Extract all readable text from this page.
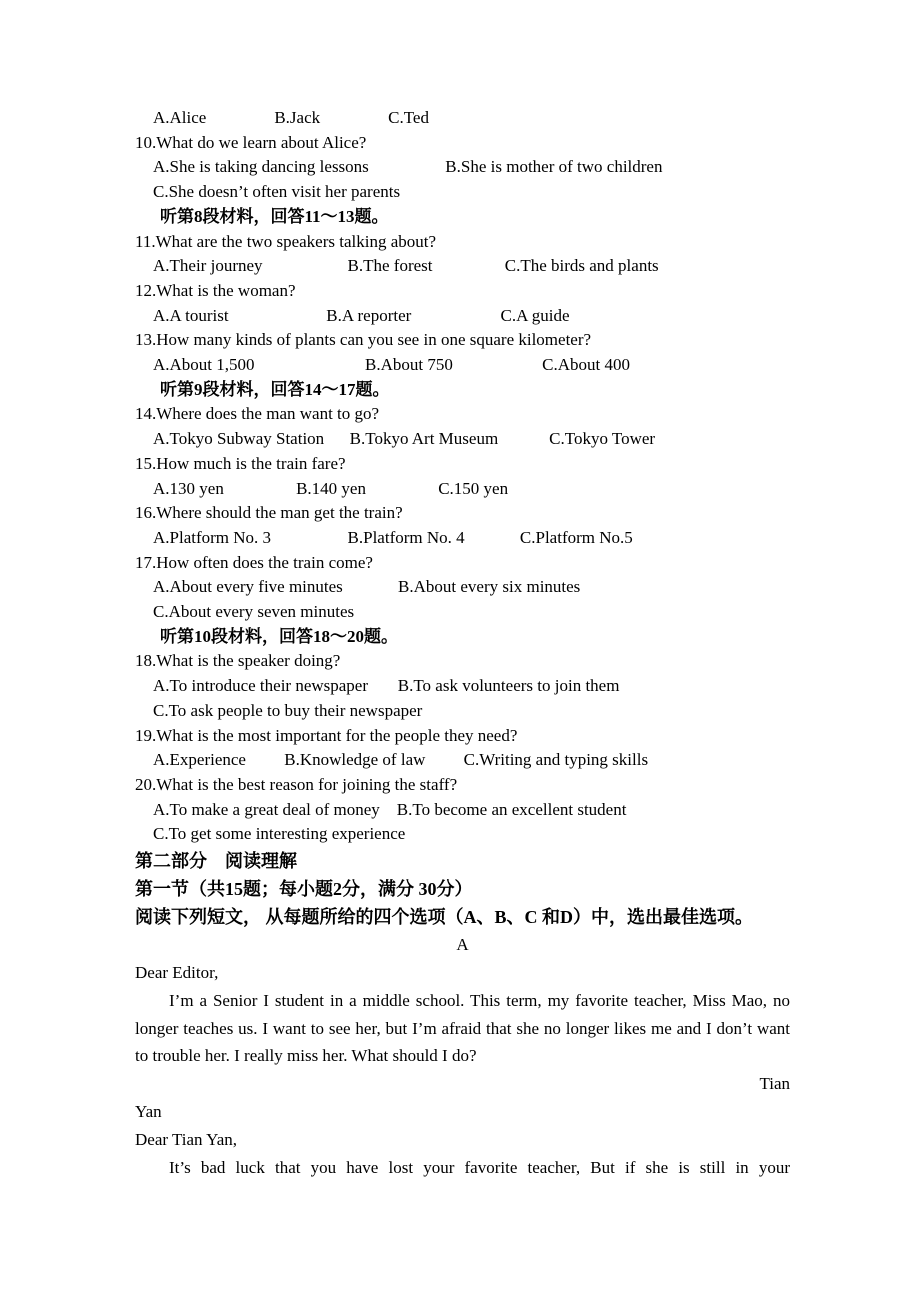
A.Alice                B.Jack                C.Ted
10.What do we learn about Alice?
A.She is taking dancing lessons                  B.She is mother of two children
C.She doesn’t often visit her parents
听第8段材料，回答11～13题。
11.What are the two speakers talking about?
A.Their journey                    B.The forest                 C.The birds and plants
12.What is the woman?
A.A tourist                       B.A reporter                     C.A guide
13.How many kinds of plants can you see in one square kilometer?
A.About 1,500                          B.About 750                     C.About 400
听第9段材料，回答14～17题。
14.Where does the man want to go?
A.Tokyo Subway Station      B.Tokyo Art Museum            C.Tokyo Tower
15.How much is the train fare?
A.130 yen                 B.140 yen                 C.150 yen
16.Where should the man get the train?
A.Platform No. 3                  B.Platform No. 4             C.Platform No.5
17.How often does the train come?
A.About every five minutes             B.About every six minutes
C.About every seven minutes
听第10段材料，回答18～20题。
18.What is the speaker doing?
A.To introduce their newspaper       B.To ask volunteers to join them
C.To ask people to buy their newspaper
19.What is the most important for the people they need?
A.Experience         B.Knowledge of law         C.Writing and typing skills
20.What is the best reason for joining the staff?
A.To make a great deal of money    B.To become an excellent student
C.To get some interesting experience
第二部分    阅读理解
第一节（共15题；每小题2分，满分 30分）
阅读下列短文， 从每题所给的四个选项（A、B、C 和D）中，选出最佳选项。
A
Dear Editor,
I’m a Senior I student in a middle school. This term, my favorite teacher, Miss Mao, no longer teaches us. I want to see her, but I’m afraid that she no longer likes me and I don’t want to trouble her. I really miss her. What should I do?
Tian
Yan
Dear Tian Yan,
It’s bad luck that you have lost your favorite teacher, But if she is still in your
